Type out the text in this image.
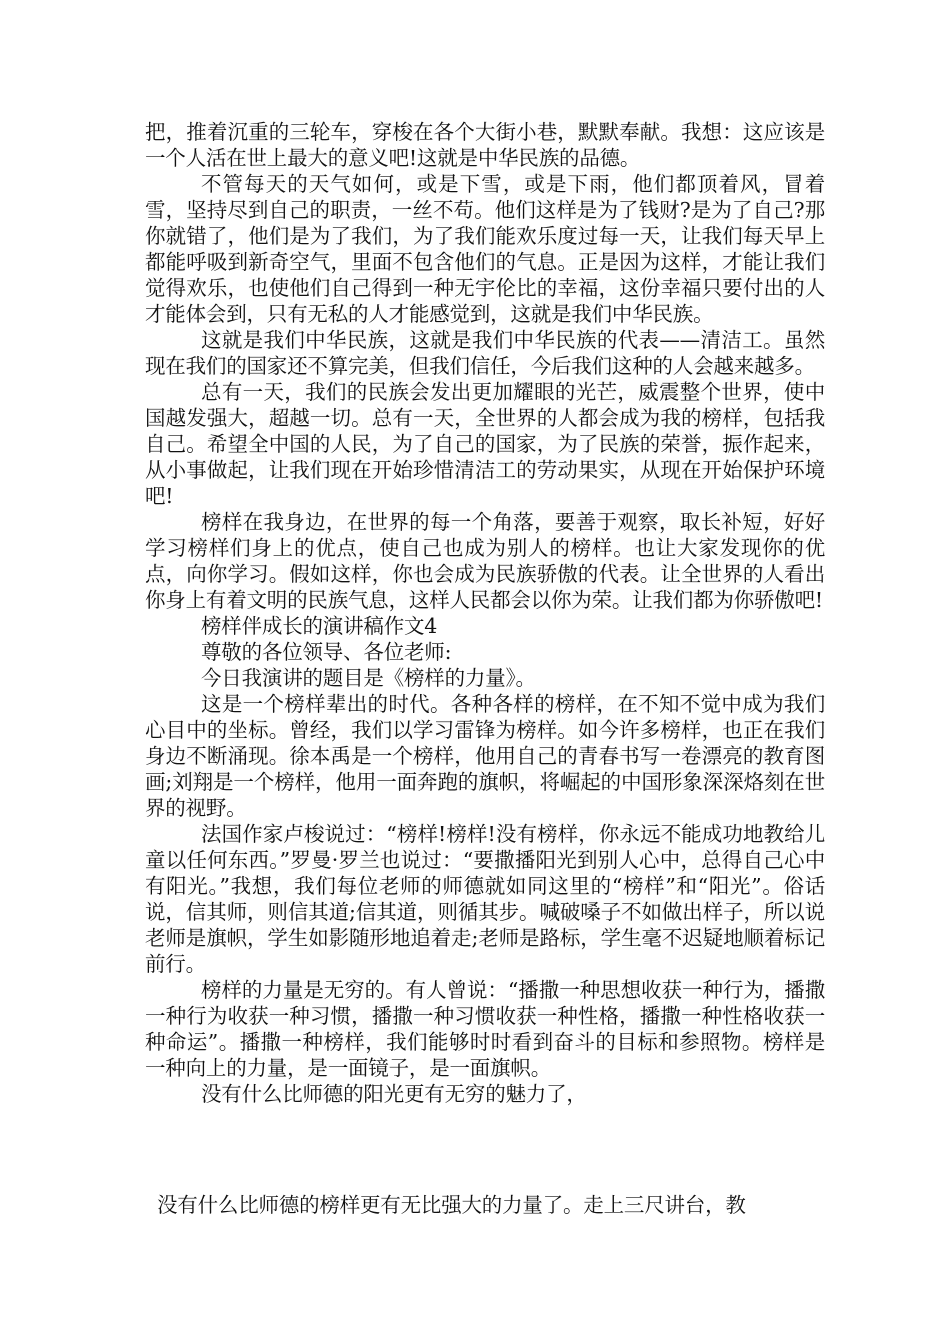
把，推着沉重的三轮车，穿梭在各个大街小巷，默默奉献。我想：这应该是一个人活在世上最大的意义吧!这就是中华民族的品德。

不管每天的天气如何，或是下雪，或是下雨，他们都顶着风，冒着雪，坚持尽到自己的职责，一丝不苟。他们这样是为了钱财?是为了自己?那你就错了，他们是为了我们，为了我们能欢乐度过每一天，让我们每天早上都能呼吸到新奇空气，里面不包含他们的气息。正是因为这样，才能让我们觉得欢乐，也使他们自己得到一种无宇伦比的幸福，这份幸福只要付出的人才能体会到，只有无私的人才能感觉到，这就是我们中华民族。

这就是我们中华民族，这就是我们中华民族的代表——清洁工。虽然现在我们的国家还不算完美，但我们信任，今后我们这种的人会越来越多。

总有一天，我们的民族会发出更加耀眼的光芒，威震整个世界，使中国越发强大，超越一切。总有一天，全世界的人都会成为我的榜样，包括我自己。希望全中国的人民，为了自己的国家，为了民族的荣誉，振作起来，从小事做起，让我们现在开始珍惜清洁工的劳动果实，从现在开始保护环境吧!

榜样在我身边，在世界的每一个角落，要善于观察，取长补短，好好学习榜样们身上的优点，使自己也成为别人的榜样。也让大家发现你的优点，向你学习。假如这样，你也会成为民族骄傲的代表。让全世界的人看出你身上有着文明的民族气息，这样人民都会以你为荣。让我们都为你骄傲吧!

榜样伴成长的演讲稿作文4

尊敬的各位领导、各位老师:

今日我演讲的题目是《榜样的力量》。

这是一个榜样辈出的时代。各种各样的榜样，在不知不觉中成为我们心目中的坐标。曾经，我们以学习雷锋为榜样。如今许多榜样，也正在我们身边不断涌现。徐本禹是一个榜样，他用自己的青春书写一卷漂亮的教育图画;刘翔是一个榜样，他用一面奔跑的旗帜，将崛起的中国形象深深烙刻在世界的视野。

法国作家卢梭说过：“榜样!榜样!没有榜样，你永远不能成功地教给儿童以任何东西。”罗曼·罗兰也说过：“要撒播阳光到别人心中，总得自己心中有阳光。”我想，我们每位老师的师德就如同这里的“榜样”和“阳光”。俗话说，信其师，则信其道;信其道，则循其步。喊破嗓子不如做出样子，所以说老师是旗帜，学生如影随形地追着走;老师是路标，学生毫不迟疑地顺着标记前行。

榜样的力量是无穷的。有人曾说：“播撒一种思想收获一种行为，播撒一种行为收获一种习惯，播撒一种习惯收获一种性格，播撒一种性格收获一种命运”。播撒一种榜样，我们能够时时看到奋斗的目标和参照物。榜样是一种向上的力量，是一面镜子，是一面旗帜。

没有什么比师德的阳光更有无穷的魅力了，

没有什么比师德的榜样更有无比强大的力量了。走上三尺讲台，教
